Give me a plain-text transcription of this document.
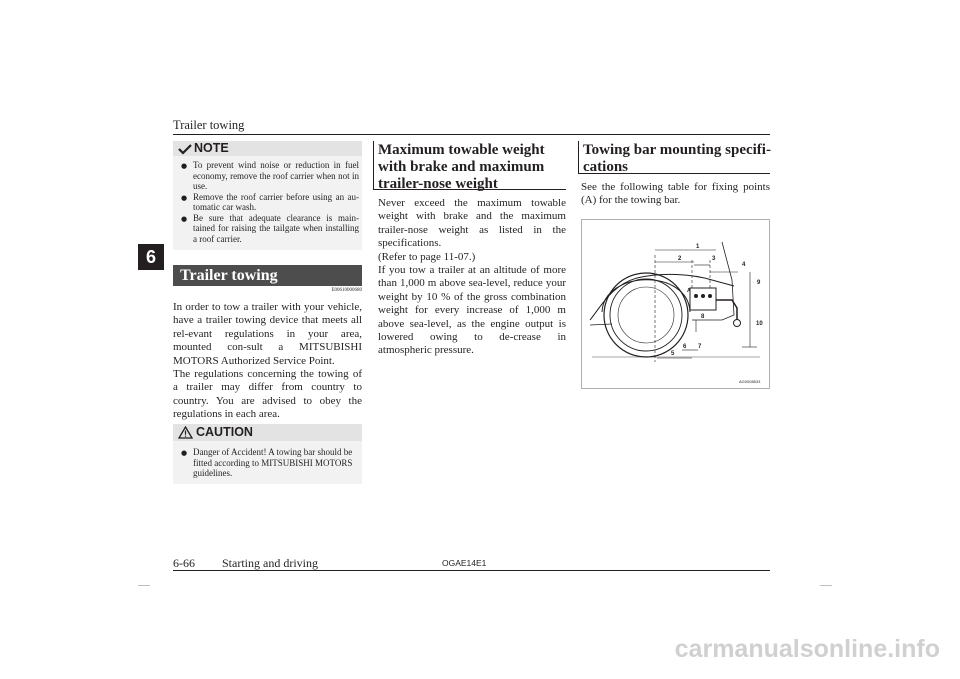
Trailer towing
6
NOTE

● To prevent wind noise or reduction in fuel economy, remove the roof carrier when not in use.

● Remove the roof carrier before using an au-tomatic car wash.

● Be sure that adequate clearance is main-tained for raising the tailgate when installing a roof carrier.

Trailer towing
E00610000680
In order to tow a trailer with your vehicle, have a trailer towing device that meets all rel-evant regulations in your area, mounted con-sult a MITSUBISHI MOTORS Authorized Service Point.
The regulations concerning the towing of a trailer may differ from country to country. You are advised to obey the regulations in each area.
CAUTION

● Danger of Accident! A towing bar should be fitted according to MITSUBISHI MOTORS guidelines.

Maximum towable weight with brake and maximum trailer-nose weight
Never exceed the maximum towable weight with brake and the maximum trailer-nose weight as listed in the specifications.
(Refer to page 11-07.)
If you tow a trailer at an altitude of more than 1,000 m above sea-level, reduce your weight by 10 % of the gross combination weight for every increase of 1,000 m above sea-level, as the engine output is lowered owing to de-crease in atmospheric pressure.
Towing bar mounting specifi-cations
See the following table for fixing points (A) for the towing bar.
1
2	3
4
5
6 7
8
9
10
A
AG0008633
6-66 Starting and driving	OGAE14E1
carmanualsonline.info
